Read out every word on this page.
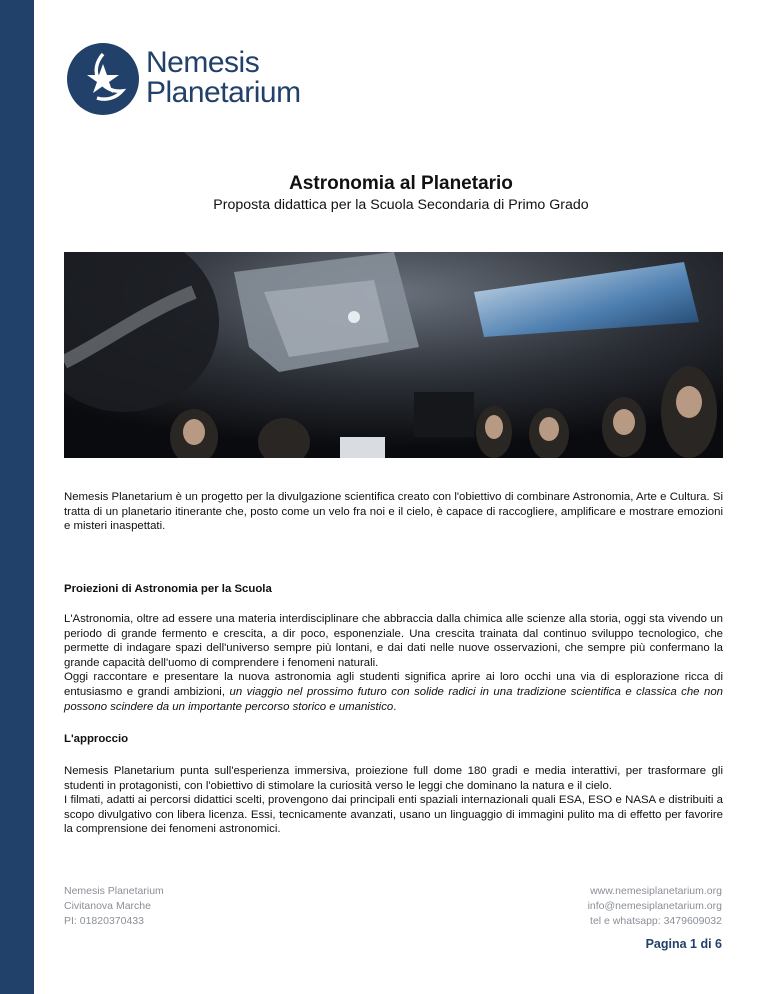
Nemesis
Planetarium
Astronomia al Planetario
Proposta didattica per la Scuola Secondaria di Primo Grado
Nemesis Planetarium è un progetto per la divulgazione scientifica creato con l'obiettivo di combinare Astronomia, Arte e Cultura. Si tratta di un planetario itinerante che, posto come un velo fra noi e il cielo, è capace di raccogliere, amplificare e mostrare emozioni e misteri inaspettati.
Proiezioni di Astronomia per la Scuola

L'Astronomia, oltre ad essere una materia interdisciplinare che abbraccia dalla chimica alle scienze alla storia, oggi sta vivendo un periodo di grande fermento e crescita, a dir poco, esponenziale. Una crescita trainata dal continuo sviluppo tecnologico, che permette di indagare spazi dell'universo sempre più lontani, e dai dati nelle nuove osservazioni, che sempre più confermano la grande capacità dell'uomo di comprendere i fenomeni naturali.

Oggi raccontare e presentare la nuova astronomia agli studenti significa aprire ai loro occhi una via di esplorazione ricca di entusiasmo e grandi ambizioni, un viaggio nel prossimo futuro con solide radici in una tradizione scientifica e classica che non possono scindere da un importante percorso storico e umanistico.

L'approccio

Nemesis Planetarium punta sull'esperienza immersiva, proiezione full dome 180 gradi e media interattivi, per trasformare gli studenti in protagonisti, con l'obiettivo di stimolare la curiosità verso le leggi che dominano la natura e il cielo.

I filmati, adatti ai percorsi didattici scelti, provengono dai principali enti spaziali internazionali quali ESA, ESO e NASA e distribuiti a scopo divulgativo con libera licenza. Essi, tecnicamente avanzati, usano un linguaggio di immagini pulito ma di effetto per favorire la comprensione dei fenomeni astronomici.

Nemesis Planetarium
Civitanova Marche
PI: 01820370433
www.nemesiplanetarium.org
info@nemesiplanetarium.org
tel e whatsapp: 3479609032
Pagina 1 di 6
